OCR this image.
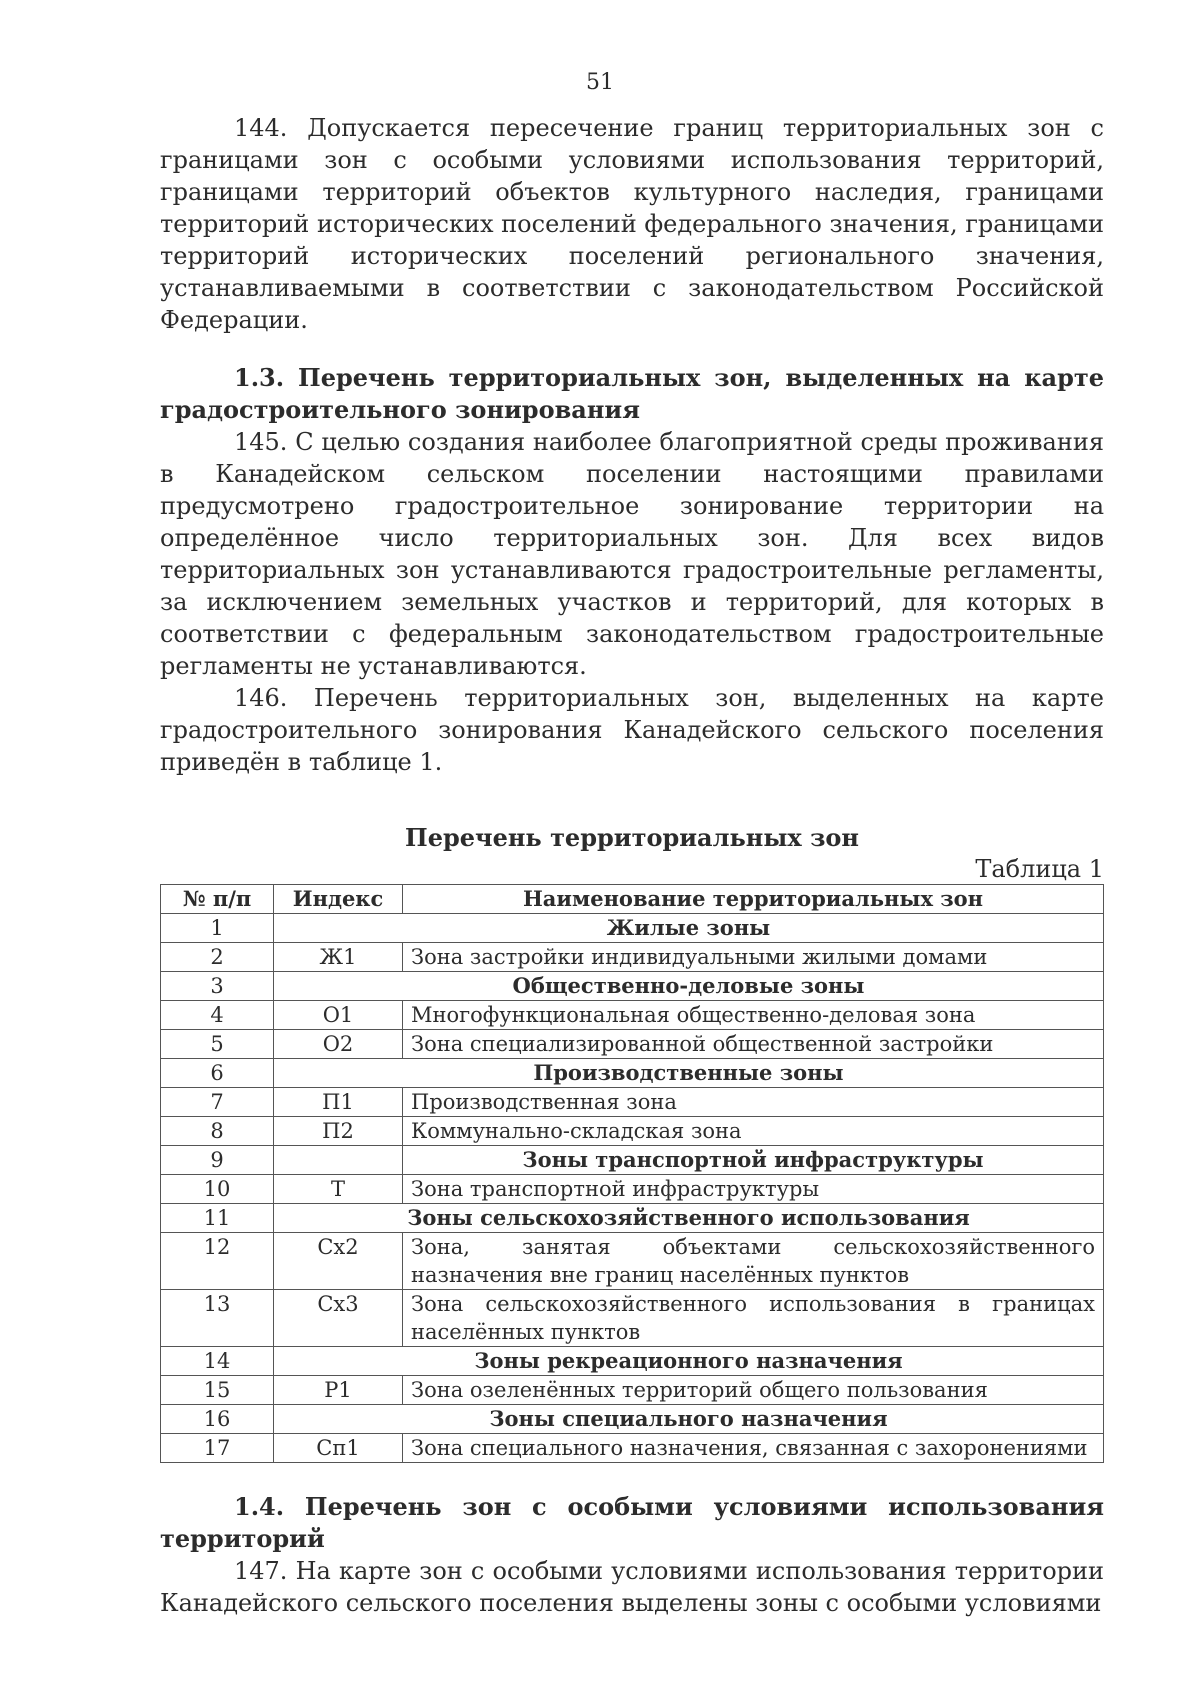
51

144. Допускается пересечение границ территориальных зон с границами зон с особыми условиями использования территорий, границами территорий объектов культурного наследия, границами территорий исторических поселений федерального значения, границами территорий исторических поселений регионального значения, устанавливаемыми в соответствии с законодательством Российской Федерации.

1.3. Перечень территориальных зон, выделенных на карте градостроительного зонирования

145. С целью создания наиболее благоприятной среды проживания в Канадейском сельском поселении настоящими правилами предусмотрено градостроительное зонирование территории на определённое число территориальных зон. Для всех видов территориальных зон устанавливаются градостроительные регламенты, за исключением земельных участков и территорий, для которых в соответствии с федеральным законодательством градостроительные регламенты не устанавливаются.

146. Перечень территориальных зон, выделенных на карте градостроительного зонирования Канадейского сельского поселения приведён в таблице 1.

Перечень территориальных зон

Таблица 1

№ п/п	Индекс	Наименование территориальных зон
1	Жилые зоны	
2	Ж1	Зона застройки индивидуальными жилыми домами
3	Общественно-деловые зоны	
4	О1	Многофункциональная общественно-деловая зона
5	О2	Зона специализированной общественной застройки
6	Производственные зоны	
7	П1	Производственная зона
8	П2	Коммунально-складская зона
9		Зоны транспортной инфраструктуры
10	Т	Зона транспортной инфраструктуры
11	Зоны сельскохозяйственного использования	
12	Сх2	Зона, занятая объектами сельскохозяйственного назначения вне границ населённых пунктов
13	Сх3	Зона сельскохозяйственного использования в границах населённых пунктов
14	Зоны рекреационного назначения	
15	Р1	Зона озеленённых территорий общего пользования
16	Зоны специального назначения	
17	Сп1	Зона специального назначения, связанная с захоронениями

1.4. Перечень зон с особыми условиями использования территорий

147. На карте зон с особыми условиями использования территории Канадейского сельского поселения выделены зоны с особыми условиями
